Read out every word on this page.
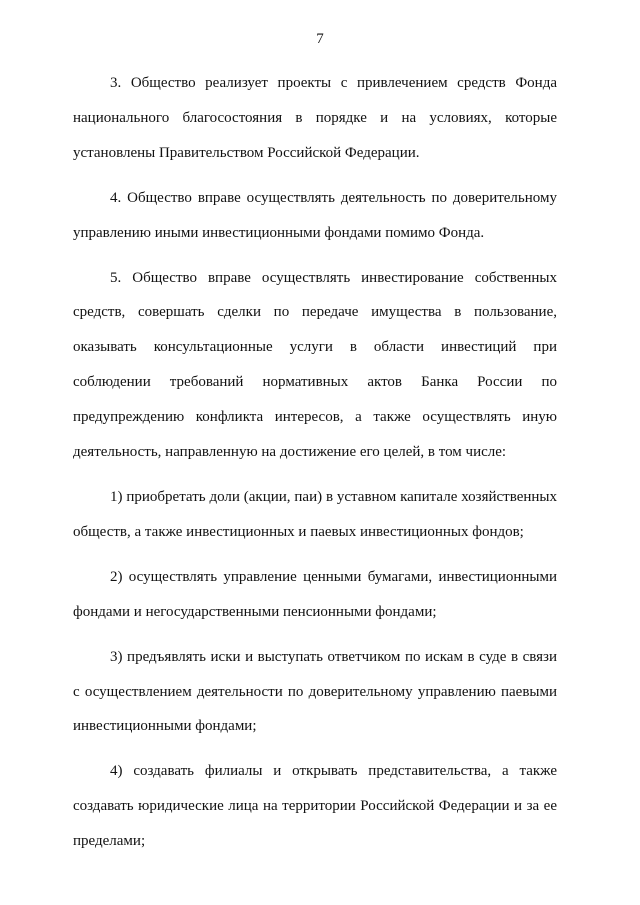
7

3. Общество реализует проекты с привлечением средств Фонда национального благосостояния в порядке и на условиях, которые установлены Правительством Российской Федерации.

4. Общество вправе осуществлять деятельность по доверительному управлению иными инвестиционными фондами помимо Фонда.

5. Общество вправе осуществлять инвестирование собственных средств, совершать сделки по передаче имущества в пользование, оказывать консультационные услуги в области инвестиций при соблюдении требований нормативных актов Банка России по предупреждению конфликта интересов, а также осуществлять иную деятельность, направленную на достижение его целей, в том числе:

1) приобретать доли (акции, паи) в уставном капитале хозяйственных обществ, а также инвестиционных и паевых инвестиционных фондов;

2) осуществлять управление ценными бумагами, инвестиционными фондами и негосударственными пенсионными фондами;

3) предъявлять иски и выступать ответчиком по искам в суде в связи с осуществлением деятельности по доверительному управлению паевыми инвестиционными фондами;

4) создавать филиалы и открывать представительства, а также создавать юридические лица на территории Российской Федерации и за ее пределами;
